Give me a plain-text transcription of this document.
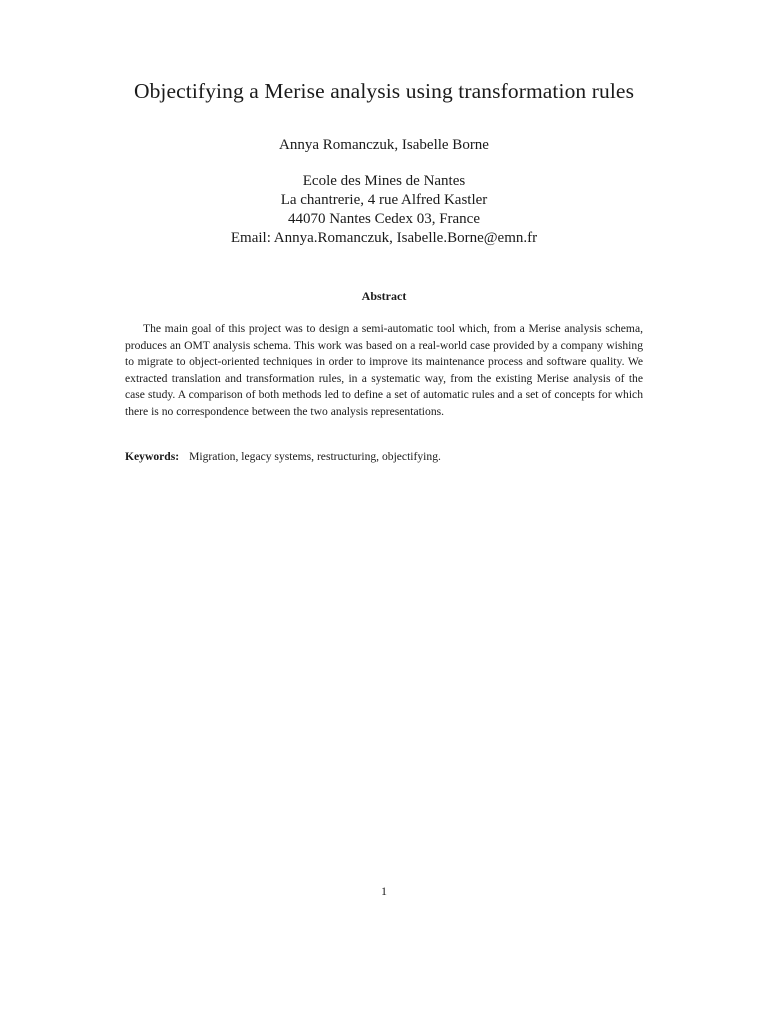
Objectifying a Merise analysis using transformation rules

Annya Romanczuk, Isabelle Borne

Ecole des Mines de Nantes
La chantrerie, 4 rue Alfred Kastler
44070 Nantes Cedex 03, France
Email: Annya.Romanczuk, Isabelle.Borne@emn.fr
Abstract

The main goal of this project was to design a semi-automatic tool which, from a Merise analysis schema, produces an OMT analysis schema. This work was based on a real-world case provided by a company wishing to migrate to object-oriented techniques in order to improve its maintenance process and software quality. We extracted translation and transformation rules, in a systematic way, from the existing Merise analysis of the case study. A comparison of both methods led to define a set of automatic rules and a set of concepts for which there is no correspondence between the two analysis representations.

Keywords: Migration, legacy systems, restructuring, objectifying.

1
